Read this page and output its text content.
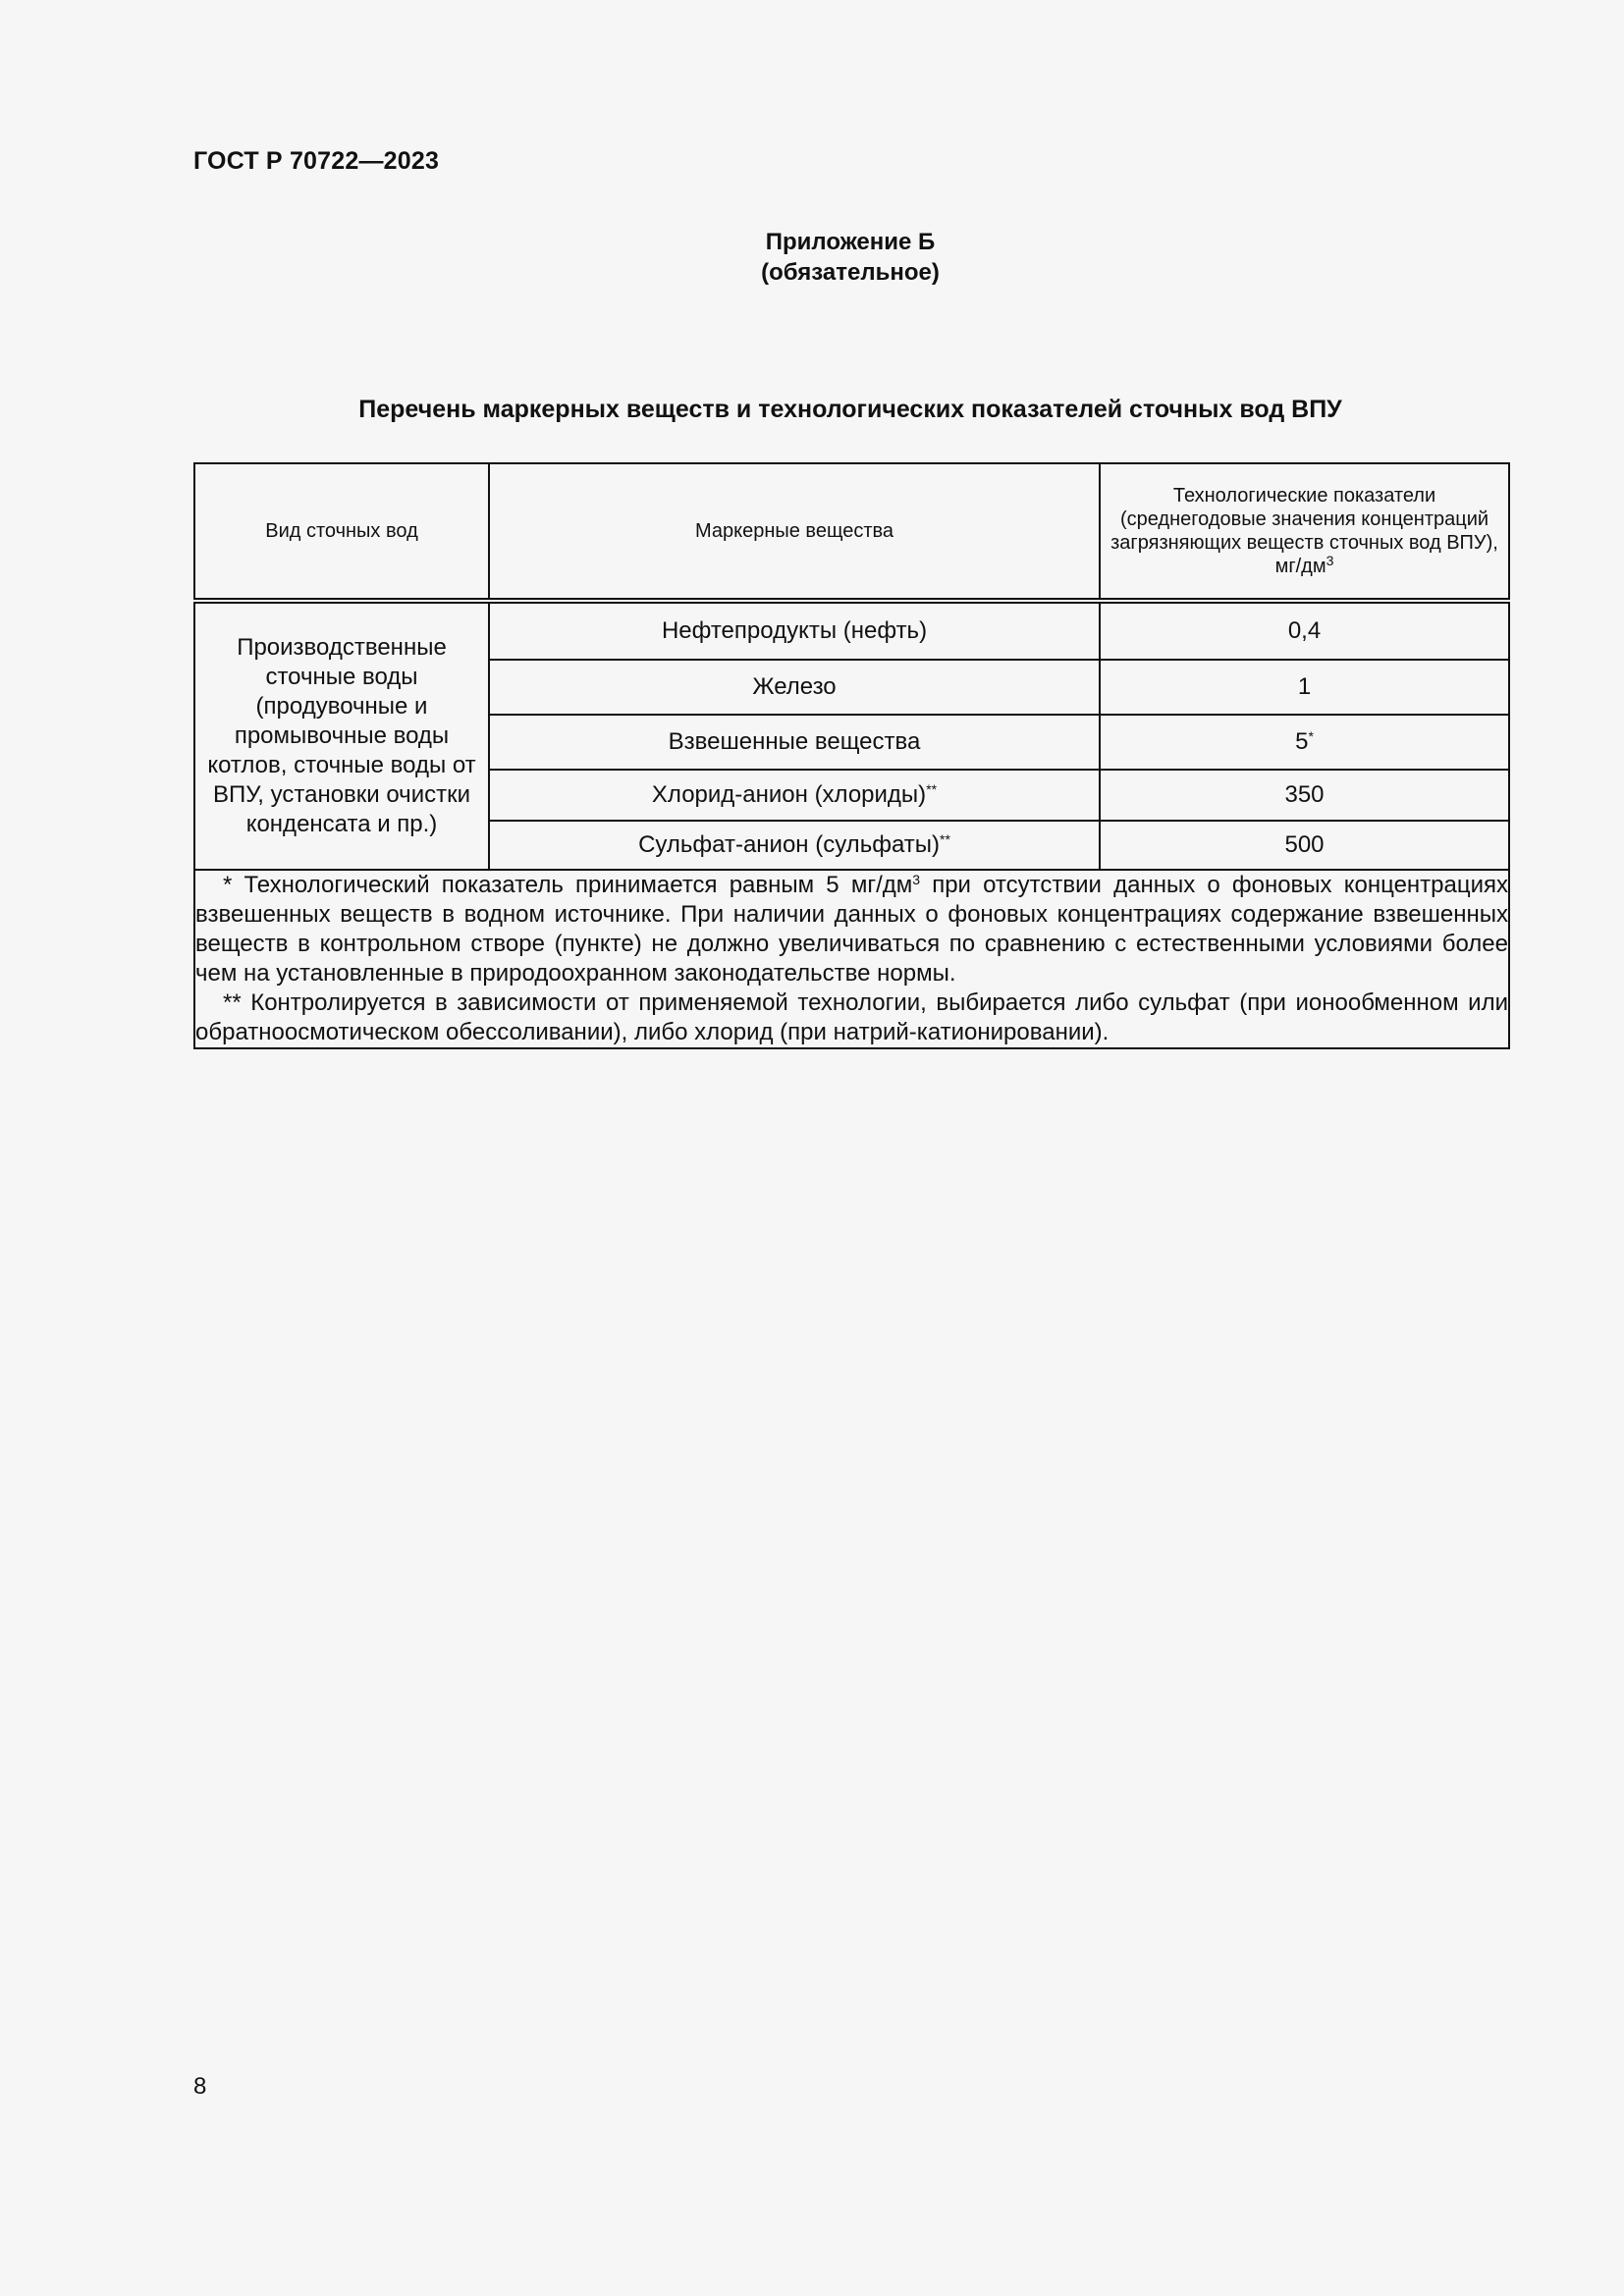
ГОСТ Р 70722—2023
Приложение Б
(обязательное)
Перечень маркерных веществ и технологических показателей сточных вод ВПУ
Вид сточных вод	Маркерные вещества	Технологические показатели (среднегодовые значения концентраций загрязняющих веществ сточных вод ВПУ), $мг/дм^3$
Производственные сточные воды (продувочные и промывочные воды котлов, сточные воды от ВПУ, установки очистки конденсата и пр.)	Нефтепродукты (нефть)	0,4
	Железо	1
	Взвешенные вещества	5*
	Хлорид-анион (хлориды)**	350
	Сульфат-анион (сульфаты)**	500

* Технологический показатель принимается равным 5 $мг/дм^3$ при отсутствии данных о фоновых концентрациях взвешенных веществ в водном источнике. При наличии данных о фоновых концентрациях содержание взвешенных веществ в контрольном створе (пункте) не должно увеличиваться по сравнению с естественными условиями более чем на установленные в природоохранном законодательстве нормы.

** Контролируется в зависимости от применяемой технологии, выбирается либо сульфат (при ионообменном или обратноосмотическом обессоливании), либо хлорид (при натрий-катионировании).		

8
